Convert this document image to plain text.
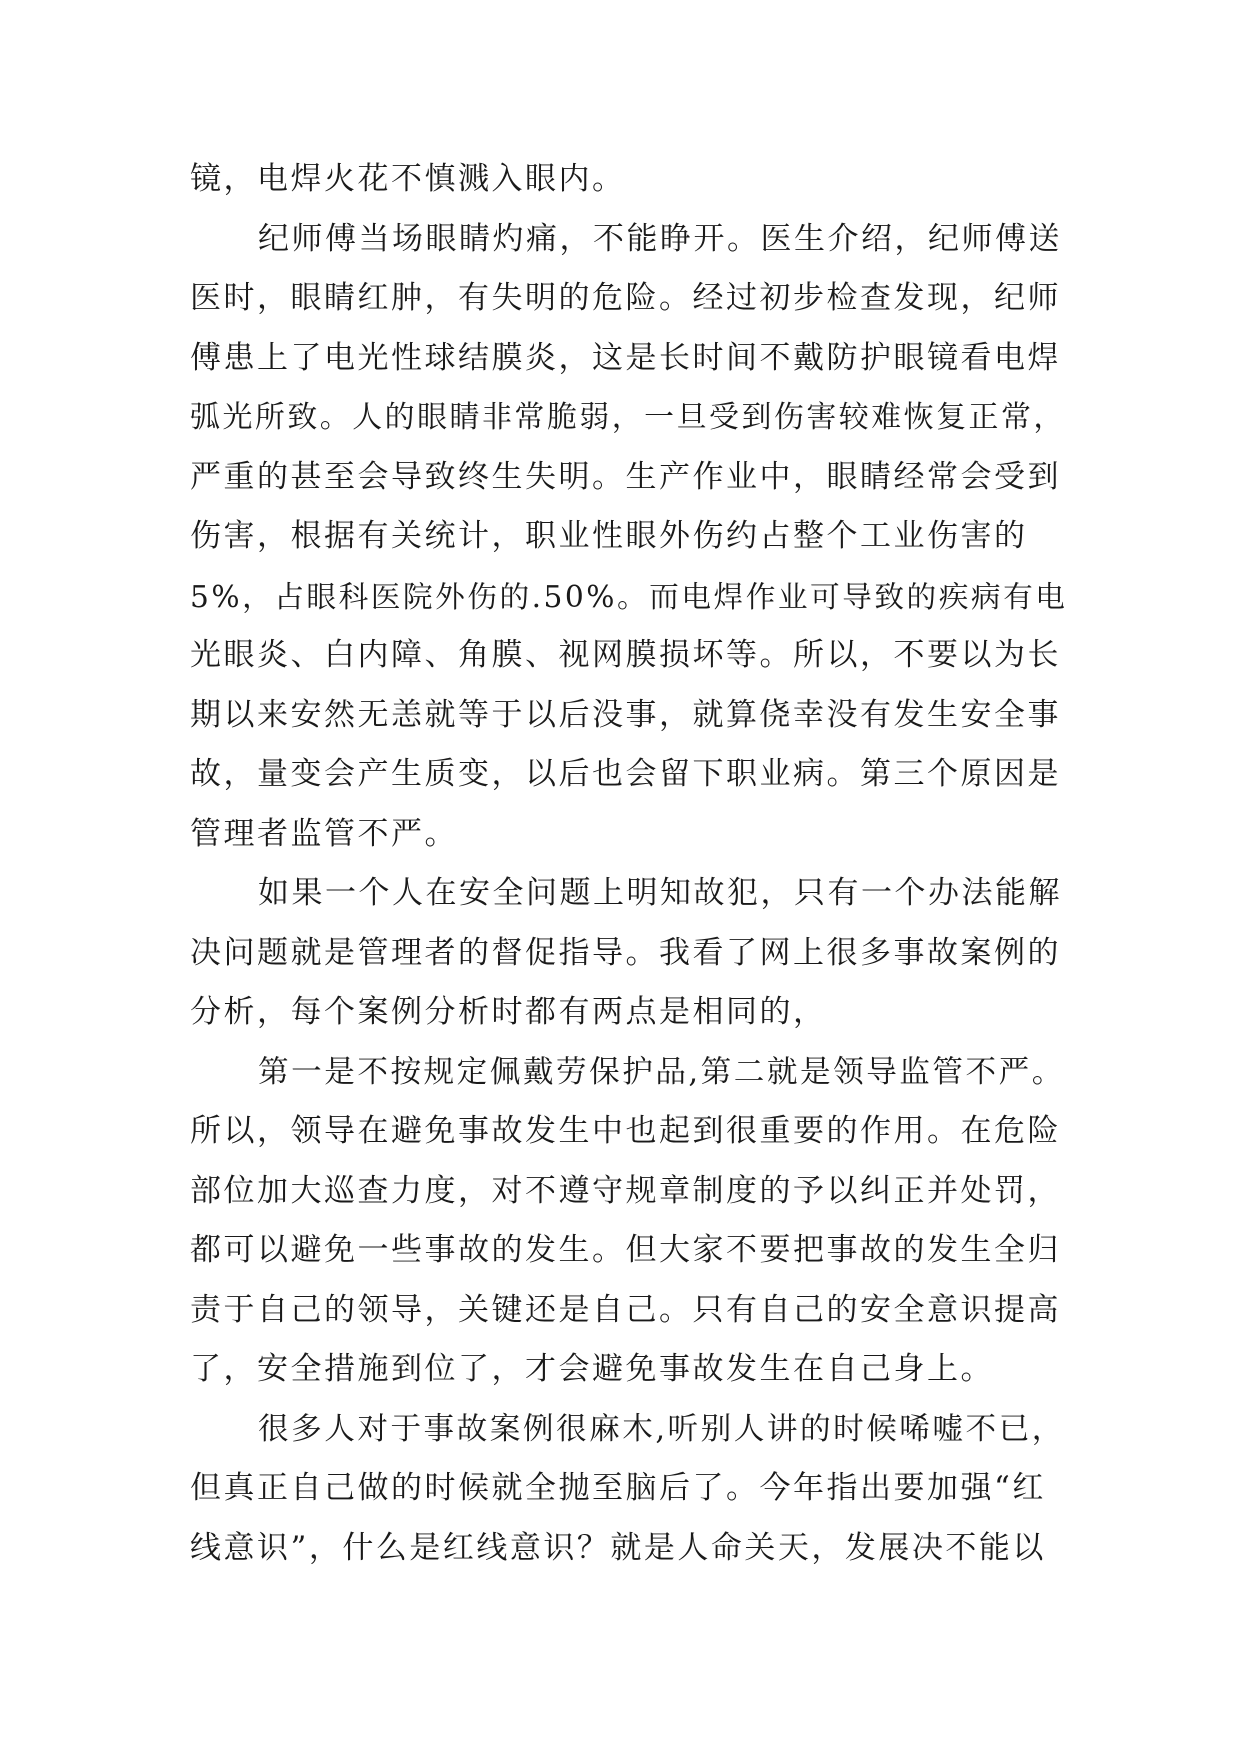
镜，电焊火花不慎溅入眼内。
纪师傅当场眼睛灼痛，不能睁开。医生介绍，纪师傅送
医时，眼睛红肿，有失明的危险。经过初步检查发现，纪师
傅患上了电光性球结膜炎，这是长时间不戴防护眼镜看电焊
弧光所致。人的眼睛非常脆弱，一旦受到伤害较难恢复正常，
严重的甚至会导致终生失明。生产作业中，眼睛经常会受到
伤害，根据有关统计，职业性眼外伤约占整个工业伤害的
5%，占眼科医院外伤的.50%。而电焊作业可导致的疾病有电
光眼炎、白内障、角膜、视网膜损坏等。所以，不要以为长
期以来安然无恙就等于以后没事，就算侥幸没有发生安全事
故，量变会产生质变，以后也会留下职业病。第三个原因是
管理者监管不严。
如果一个人在安全问题上明知故犯，只有一个办法能解
决问题就是管理者的督促指导。我看了网上很多事故案例的
分析，每个案例分析时都有两点是相同的，
第一是不按规定佩戴劳保护品,第二就是领导监管不严。
所以，领导在避免事故发生中也起到很重要的作用。在危险
部位加大巡查力度，对不遵守规章制度的予以纠正并处罚，
都可以避免一些事故的发生。但大家不要把事故的发生全归
责于自己的领导，关键还是自己。只有自己的安全意识提高
了，安全措施到位了，才会避免事故发生在自己身上。
很多人对于事故案例很麻木,听别人讲的时候唏嘘不已，
但真正自己做的时候就全抛至脑后了。今年指出要加强“红
线意识”，什么是红线意识？就是人命关天，发展决不能以
